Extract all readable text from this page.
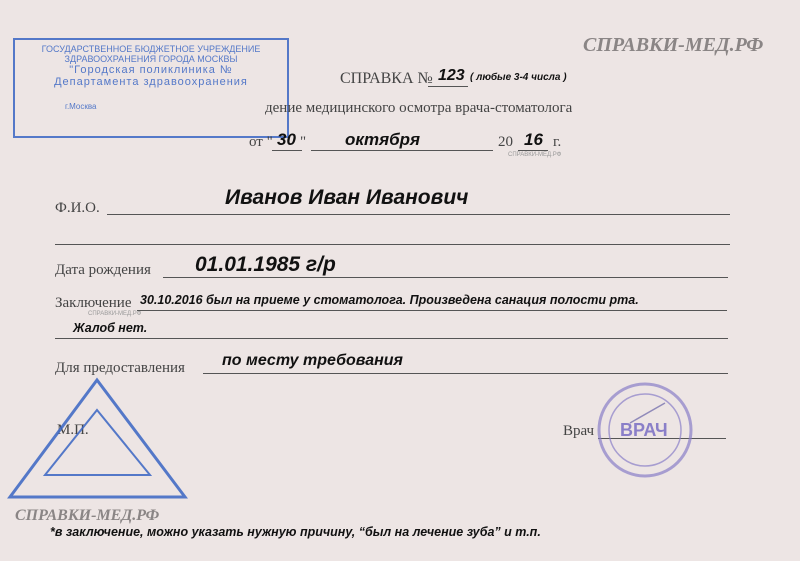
СПРАВКИ-МЕД.РФ
ГОСУДАРСТВЕННОЕ БЮДЖЕТНОЕ УЧРЕЖДЕНИЕ
ЗДРАВООХРАНЕНИЯ ГОРОДА МОСКВЫ
"Городская поликлиника №
Департамента здравоохранения
г.Москва
СПРАВКА № 123 ( любые 3-4 числа )
дение медицинского осмотра врача-стоматолога
от " 30 " октября	20 16 г.
СПРАВКИ-МЕД.РФ
Ф.И.О.	Иванов Иван Иванович
Дата рождения 01.01.1985 г/р
Заключение
СПРАВКИ-МЕД.РФ
30.10.2016 был на приеме у стоматолога. Произведена санация полости рта.
Жалоб нет.
Для предоставления по месту требования
М.П.	Врач ВРАЧ
СПРАВКИ-МЕД.РФ
*в заключение, можно указать нужную причину, “был на лечение зуба” и т.п.
